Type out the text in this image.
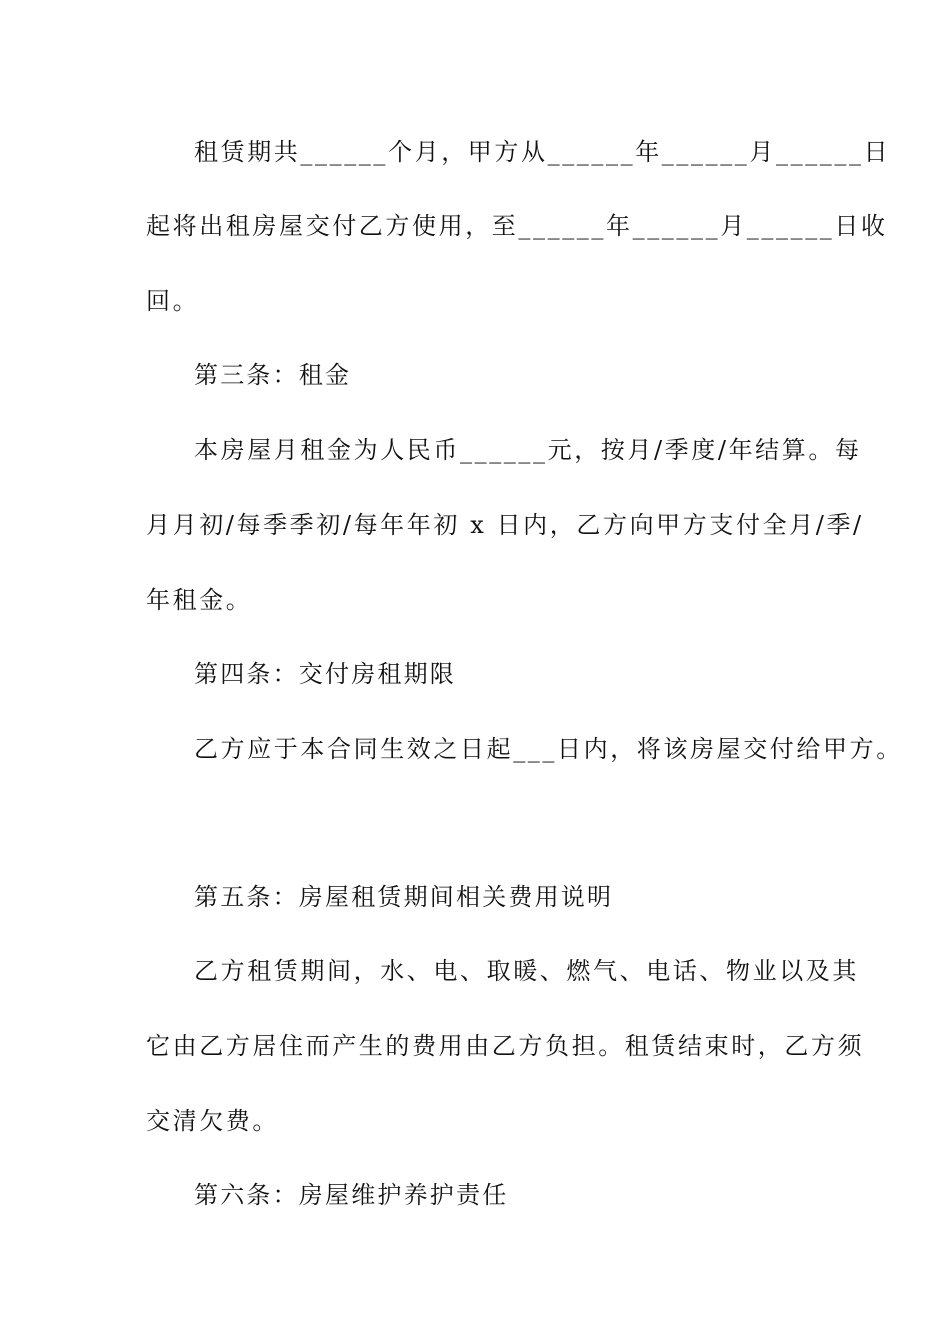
租赁期共______个月，甲方从______年______月______日
起将出租房屋交付乙方使用，至______年______月______日收
回。
第三条：租金
本房屋月租金为人民币______元，按月/季度/年结算。每
月月初/每季季初/每年年初 x 日内，乙方向甲方支付全月/季/
年租金。
第四条：交付房租期限
乙方应于本合同生效之日起___日内，将该房屋交付给甲方。
第五条：房屋租赁期间相关费用说明
乙方租赁期间，水、电、取暖、燃气、电话、物业以及其
它由乙方居住而产生的费用由乙方负担。租赁结束时，乙方须
交清欠费。
第六条：房屋维护养护责任
